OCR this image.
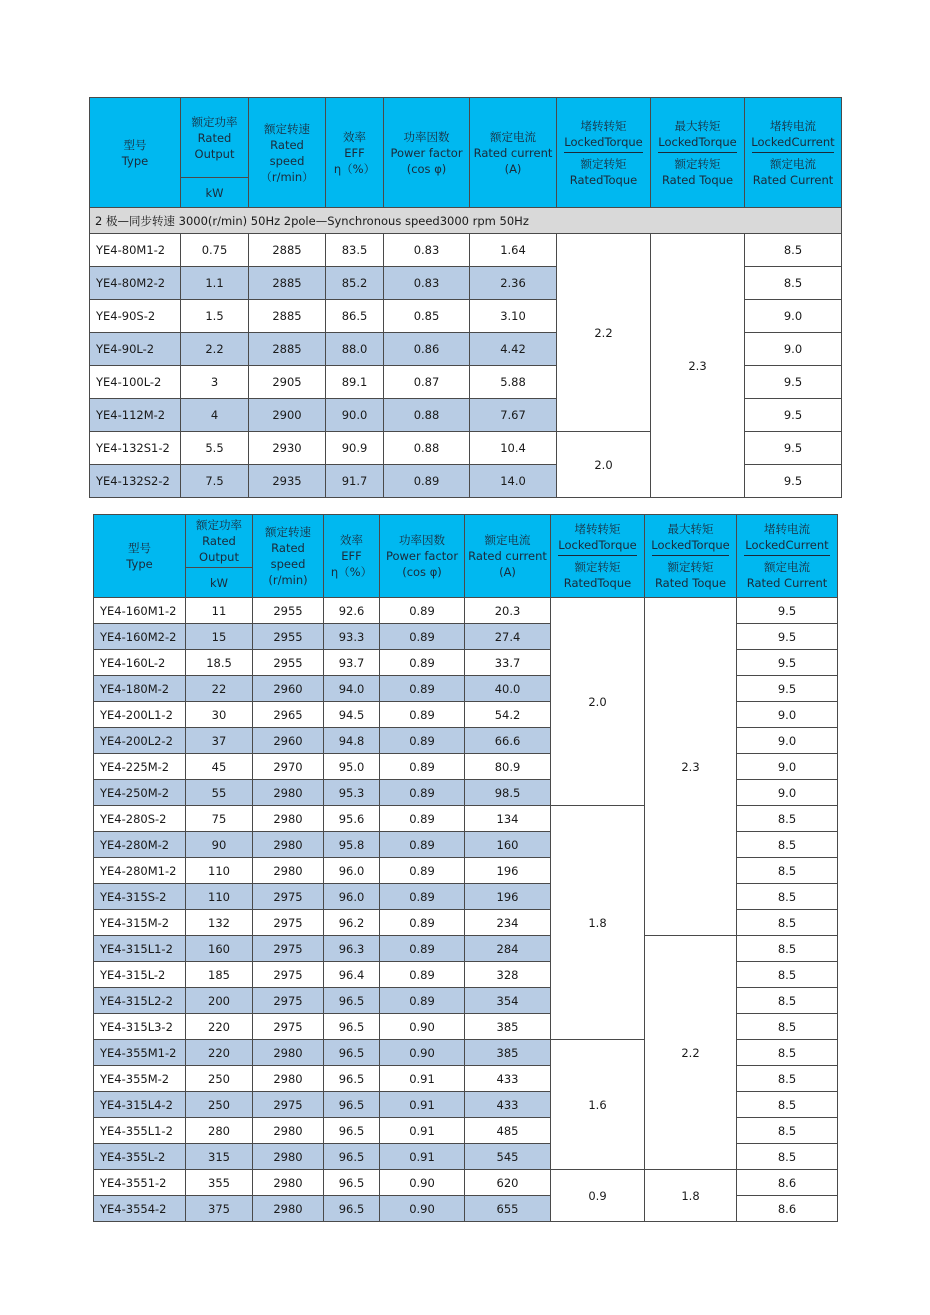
型号
Type	额定功率
Rated
Output	额定转速
Rated
speed
（r/min）	效率
EFF
η（%）	功率因数
Power factor
(cos φ)	额定电流
Rated current
(A)	堵转转矩
LockedTorque
额定转矩
RatedToque	最大转矩
LockedTorque
额定转矩
Rated Toque	堵转电流
LockedCurrent
额定电流
Rated Current

	kW							
2 极—同步转速 3000(r/min) 50Hz 2pole—Synchronous speed3000 rpm 50Hz								
YE4-80M1-2	0.75	2885	83.5	0.83	1.64	2.2	2.3	8.5
YE4-80M2-2	1.1	2885	85.2	0.83	2.36			8.5
YE4-90S-2	1.5	2885	86.5	0.85	3.10			9.0
YE4-90L-2	2.2	2885	88.0	0.86	4.42			9.0
YE4-100L-2	3	2905	89.1	0.87	5.88			9.5
YE4-112M-2	4	2900	90.0	0.88	7.67			9.5
YE4-132S1-2	5.5	2930	90.9	0.88	10.4	2.0		9.5
YE4-132S2-2	7.5	2935	91.7	0.89	14.0			9.5
型号
Type	额定功率
Rated
Output	额定转速
Rated
speed
(r/min)	效率
EFF
η（%）	功率因数
Power factor
(cos φ)	额定电流
Rated current
(A)	堵转转矩
LockedTorque
额定转矩
RatedToque	最大转矩
LockedTorque
额定转矩
Rated Toque	堵转电流
LockedCurrent
额定电流
Rated Current

	kW							
YE4-160M1-2	11	2955	92.6	0.89	20.3	2.0	2.3	9.5
YE4-160M2-2	15	2955	93.3	0.89	27.4			9.5
YE4-160L-2	18.5	2955	93.7	0.89	33.7			9.5
YE4-180M-2	22	2960	94.0	0.89	40.0			9.5
YE4-200L1-2	30	2965	94.5	0.89	54.2			9.0
YE4-200L2-2	37	2960	94.8	0.89	66.6			9.0
YE4-225M-2	45	2970	95.0	0.89	80.9			9.0
YE4-250M-2	55	2980	95.3	0.89	98.5			9.0
YE4-280S-2	75	2980	95.6	0.89	134	1.8		8.5
YE4-280M-2	90	2980	95.8	0.89	160			8.5
YE4-280M1-2	110	2980	96.0	0.89	196			8.5
YE4-315S-2	110	2975	96.0	0.89	196			8.5
YE4-315M-2	132	2975	96.2	0.89	234			8.5
YE4-315L1-2	160	2975	96.3	0.89	284		2.2	8.5
YE4-315L-2	185	2975	96.4	0.89	328			8.5
YE4-315L2-2	200	2975	96.5	0.89	354			8.5
YE4-315L3-2	220	2975	96.5	0.90	385			8.5
YE4-355M1-2	220	2980	96.5	0.90	385	1.6		8.5
YE4-355M-2	250	2980	96.5	0.91	433			8.5
YE4-315L4-2	250	2975	96.5	0.91	433			8.5
YE4-355L1-2	280	2980	96.5	0.91	485			8.5
YE4-355L-2	315	2980	96.5	0.91	545			8.5
YE4-3551-2	355	2980	96.5	0.90	620	0.9	1.8	8.6
YE4-3554-2	375	2980	96.5	0.90	655			8.6
